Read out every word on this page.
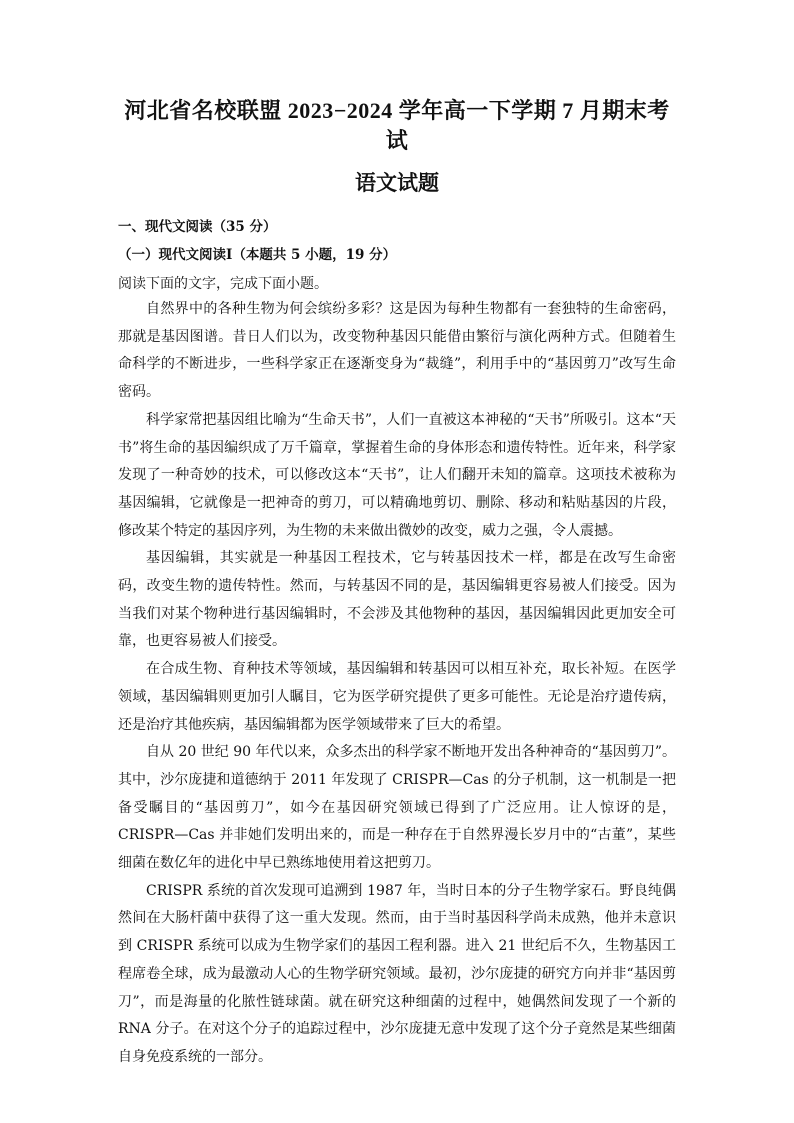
河北省名校联盟 2023−2024 学年高一下学期 7 月期末考试
语文试题
一、现代文阅读（35 分）
（一）现代文阅读Ⅰ（本题共 5 小题，19 分）
阅读下面的文字，完成下面小题。

自然界中的各种生物为何会缤纷多彩？这是因为每种生物都有一套独特的生命密码，那就是基因图谱。昔日人们以为，改变物种基因只能借由繁衍与演化两种方式。但随着生命科学的不断进步，一些科学家正在逐渐变身为“裁缝”，利用手中的“基因剪刀”改写生命密码。

科学家常把基因组比喻为“生命天书”，人们一直被这本神秘的“天书”所吸引。这本“天书”将生命的基因编织成了万千篇章，掌握着生命的身体形态和遗传特性。近年来，科学家发现了一种奇妙的技术，可以修改这本“天书”，让人们翻开未知的篇章。这项技术被称为基因编辑，它就像是一把神奇的剪刀，可以精确地剪切、删除、移动和粘贴基因的片段，修改某个特定的基因序列，为生物的未来做出微妙的改变，威力之强，令人震撼。

基因编辑，其实就是一种基因工程技术，它与转基因技术一样，都是在改写生命密码，改变生物的遗传特性。然而，与转基因不同的是，基因编辑更容易被人们接受。因为当我们对某个物种进行基因编辑时，不会涉及其他物种的基因，基因编辑因此更加安全可靠，也更容易被人们接受。

在合成生物、育种技术等领域，基因编辑和转基因可以相互补充，取长补短。在医学领域，基因编辑则更加引人瞩目，它为医学研究提供了更多可能性。无论是治疗遗传病，还是治疗其他疾病，基因编辑都为医学领域带来了巨大的希望。

自从 20 世纪 90 年代以来，众多杰出的科学家不断地开发出各种神奇的“基因剪刀”。其中，沙尔庞捷和道德纳于 2011 年发现了 CRISPR—Cas 的分子机制，这一机制是一把备受瞩目的“基因剪刀”，如今在基因研究领域已得到了广泛应用。让人惊讶的是，CRISPR—Cas 并非她们发明出来的，而是一种存在于自然界漫长岁月中的“古董”，某些细菌在数亿年的进化中早已熟练地使用着这把剪刀。

CRISPR 系统的首次发现可追溯到 1987 年，当时日本的分子生物学家石。野良纯偶然间在大肠杆菌中获得了这一重大发现。然而，由于当时基因科学尚未成熟，他并未意识到 CRISPR 系统可以成为生物学家们的基因工程利器。进入 21 世纪后不久，生物基因工程席卷全球，成为最激动人心的生物学研究领域。最初，沙尔庞捷的研究方向并非“基因剪刀”，而是海量的化脓性链球菌。就在研究这种细菌的过程中，她偶然间发现了一个新的 RNA 分子。在对这个分子的追踪过程中，沙尔庞捷无意中发现了这个分子竟然是某些细菌自身免疫系统的一部分。
